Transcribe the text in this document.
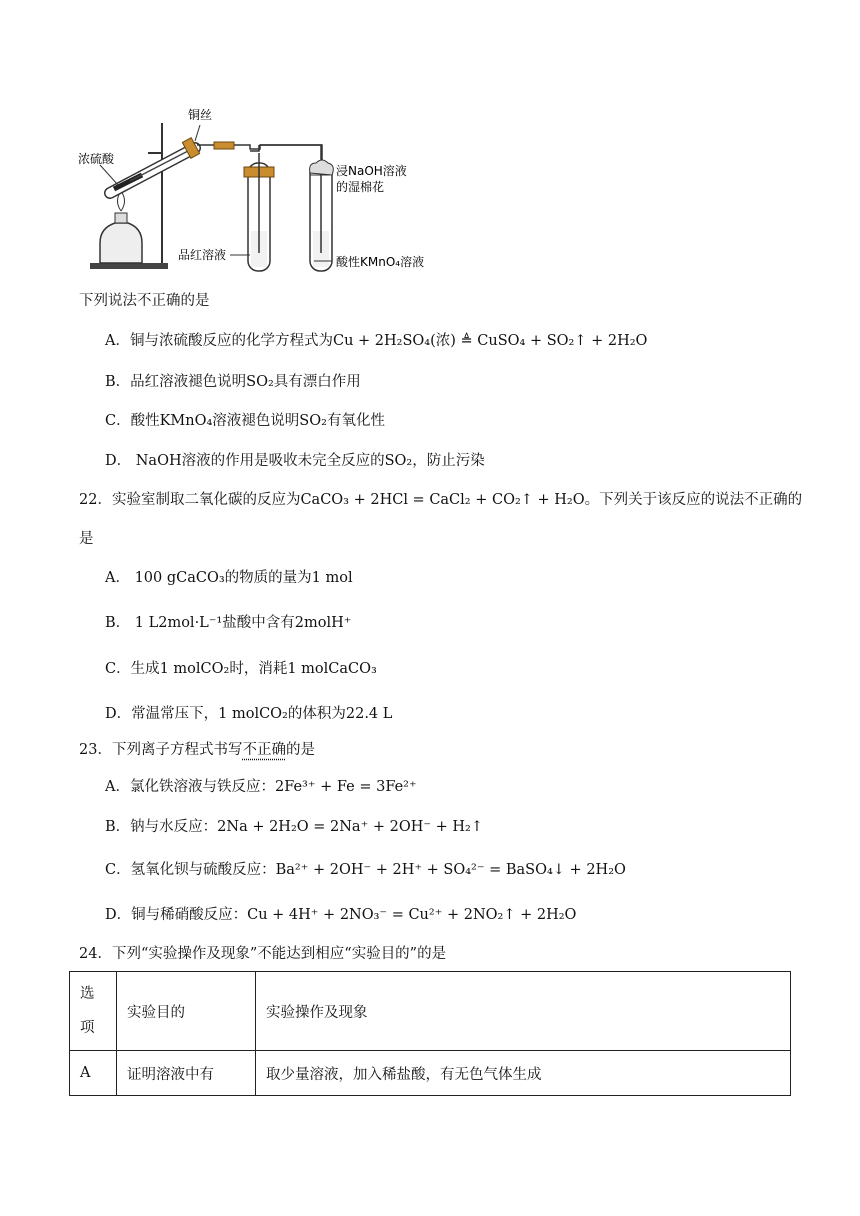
铜丝
浓硫酸
浸NaOH溶液
的湿棉花
品红溶液	酸性KMnO₄溶液
下列说法不正确的是
A．铜与浓硫酸反应的化学方程式为Cu + 2H₂SO₄(浓) ≜ CuSO₄ + SO₂↑ + 2H₂O
B．品红溶液褪色说明SO₂具有漂白作用
C．酸性KMnO₄溶液褪色说明SO₂有氧化性
D． NaOH溶液的作用是吸收未完全反应的SO₂，防止污染
22．实验室制取二氧化碳的反应为CaCO₃ + 2HCl = CaCl₂ + CO₂↑ + H₂O。下列关于该反应的说法不正确的
是
A． 100 gCaCO₃的物质的量为1 mol
B． 1 L2mol·L⁻¹盐酸中含有2molH⁺
C．生成1 molCO₂时，消耗1 molCaCO₃
D．常温常压下，1 molCO₂的体积为22.4 L
23．下列离子方程式书写不正确的是
A．氯化铁溶液与铁反应：2Fe³⁺ + Fe = 3Fe²⁺
B．钠与水反应：2Na + 2H₂O = 2Na⁺ + 2OH⁻ + H₂↑
C．氢氧化钡与硫酸反应：Ba²⁺ + 2OH⁻ + 2H⁺ + SO₄²⁻ = BaSO₄↓ + 2H₂O
D．铜与稀硝酸反应：Cu + 4H⁺ + 2NO₃⁻ = Cu²⁺ + 2NO₂↑ + 2H₂O
24．下列“实验操作及现象”不能达到相应“实验目的”的是
选
项	实验目的	实验操作及现象
A	证明溶液中有	取少量溶液，加入稀盐酸，有无色气体生成
